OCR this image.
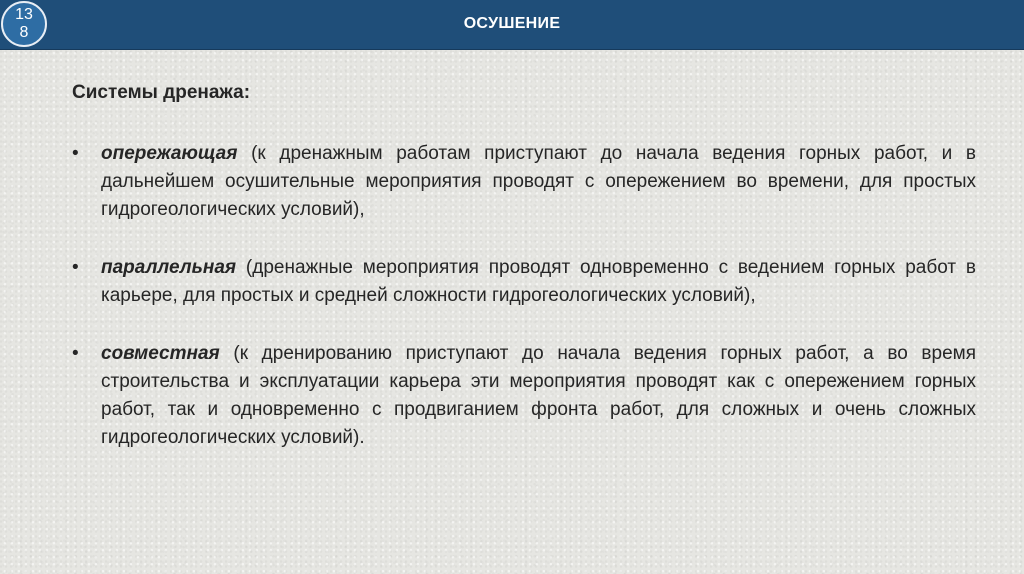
ОСУШЕНИЕ
13
8
Системы дренажа:
• опережающая (к дренажным работам приступают до начала ведения горных работ, и в дальнейшем осушительные мероприятия проводят с опережением во времени, для простых гидрогеологических условий),
• параллельная (дренажные мероприятия проводят одновременно с ведением горных работ в карьере, для простых и средней сложности гидрогеологических условий),
• совместная (к дренированию приступают до начала ведения горных работ, а во время строительства и эксплуатации карьера эти мероприятия проводят как с опережением горных работ, так и одновременно с продвиганием фронта работ, для сложных и очень сложных гидрогеологических условий).
